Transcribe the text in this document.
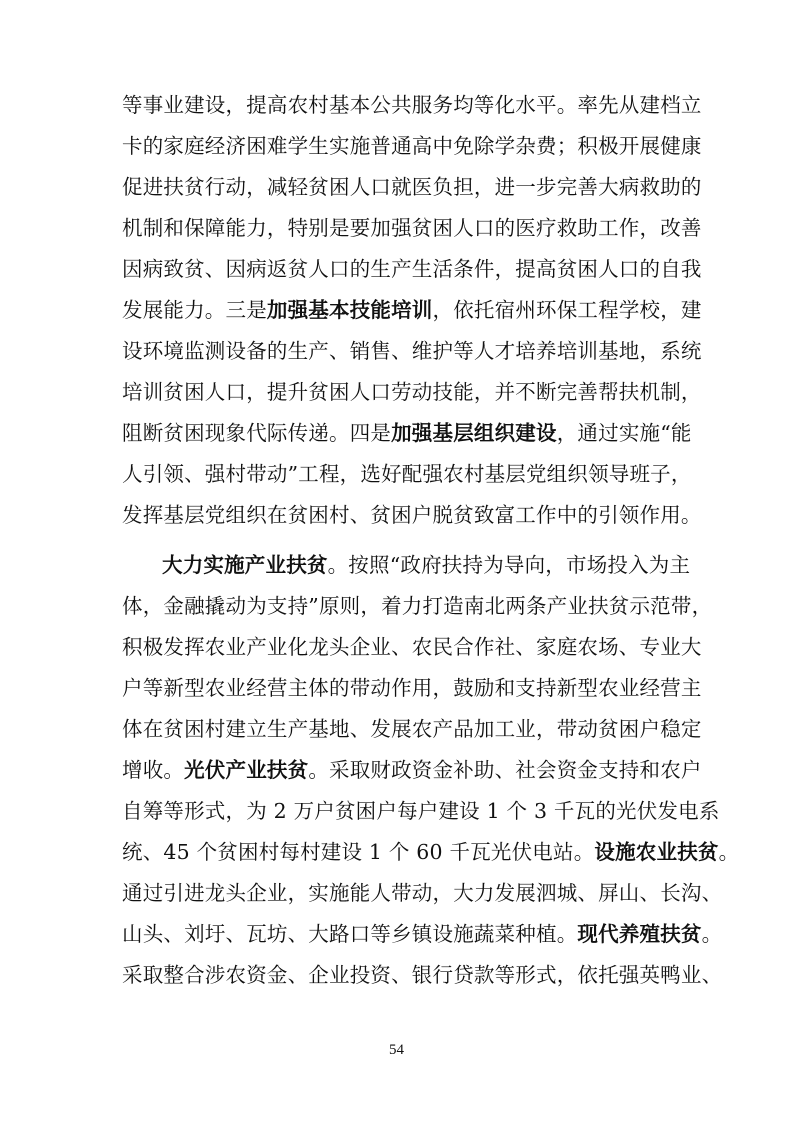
等事业建设，提高农村基本公共服务均等化水平。率先从建档立
卡的家庭经济困难学生实施普通高中免除学杂费；积极开展健康
促进扶贫行动，减轻贫困人口就医负担，进一步完善大病救助的
机制和保障能力，特别是要加强贫困人口的医疗救助工作，改善
因病致贫、因病返贫人口的生产生活条件，提高贫困人口的自我
发展能力。三是加强基本技能培训，依托宿州环保工程学校，建
设环境监测设备的生产、销售、维护等人才培养培训基地，系统
培训贫困人口，提升贫困人口劳动技能，并不断完善帮扶机制，
阻断贫困现象代际传递。四是加强基层组织建设，通过实施“能
人引领、强村带动”工程，选好配强农村基层党组织领导班子，
发挥基层党组织在贫困村、贫困户脱贫致富工作中的引领作用。
大力实施产业扶贫。按照“政府扶持为导向，市场投入为主
体，金融撬动为支持”原则，着力打造南北两条产业扶贫示范带，
积极发挥农业产业化龙头企业、农民合作社、家庭农场、专业大
户等新型农业经营主体的带动作用，鼓励和支持新型农业经营主
体在贫困村建立生产基地、发展农产品加工业，带动贫困户稳定
增收。光伏产业扶贫。采取财政资金补助、社会资金支持和农户
自筹等形式，为 2 万户贫困户每户建设 1 个 3 千瓦的光伏发电系
统、45 个贫困村每村建设 1 个 60 千瓦光伏电站。设施农业扶贫。
通过引进龙头企业，实施能人带动，大力发展泗城、屏山、长沟、
山头、刘圩、瓦坊、大路口等乡镇设施蔬菜种植。现代养殖扶贫。
采取整合涉农资金、企业投资、银行贷款等形式，依托强英鸭业、
54
